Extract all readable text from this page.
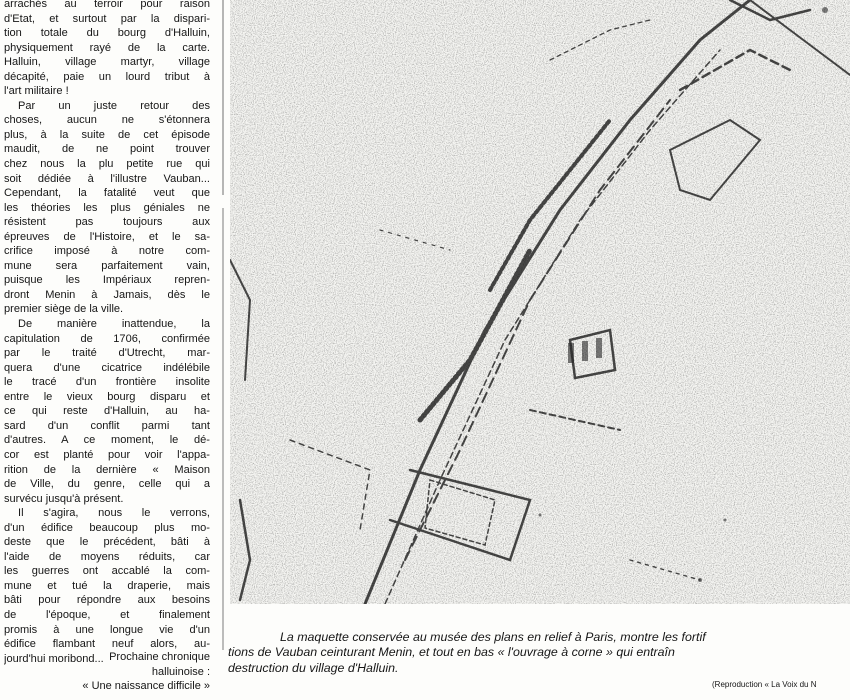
arrachés au terroir pour raison
d'Etat, et surtout par la dispari-
tion totale du bourg d'Halluin,
physiquement rayé de la carte.
Halluin, village martyr, village
décapité, paie un lourd tribut à
l'art militaire !
Par un juste retour des
choses, aucun ne s'étonnera
plus, à la suite de cet épisode
maudit, de ne point trouver
chez nous la plu petite rue qui
soit dédiée à l'illustre Vauban...
Cependant, la fatalité veut que
les théories les plus géniales ne
résistent pas toujours aux
épreuves de l'Histoire, et le sa-
crifice imposé à notre com-
mune sera parfaitement vain,
puisque les Impériaux repren-
dront Menin à Jamais, dès le
premier siège de la ville.
De manière inattendue, la
capitulation de 1706, confirmée
par le traité d'Utrecht, mar-
quera d'une cicatrice indélébile
le tracé d'un frontière insolite
entre le vieux bourg disparu et
ce qui reste d'Halluin, au ha-
sard d'un conflit parmi tant
d'autres. A ce moment, le dé-
cor est planté pour voir l'appa-
rition de la dernière « Maison
de Ville, du genre, celle qui a
survécu jusqu'à présent.
Il s'agira, nous le verrons,
d'un édifice beaucoup plus mo-
deste que le précédent, bâti à
l'aide de moyens réduits, car
les guerres ont accablé la com-
mune et tué la draperie, mais
bâti pour répondre aux besoins
de l'époque, et finalement
promis à une longue vie d'un
édifice flambant neuf alors, au-
jourd'hui moribond... Prochaine chronique
halluinoise :
« Une naissance difficile »
La maquette conservée au musée des plans en relief à Paris, montre les fortif
tions de Vauban ceinturant Menin, et tout en bas « l'ouvrage à corne » qui entraîn
destruction du village d'Halluin.
(Reproduction « La Voix du N
